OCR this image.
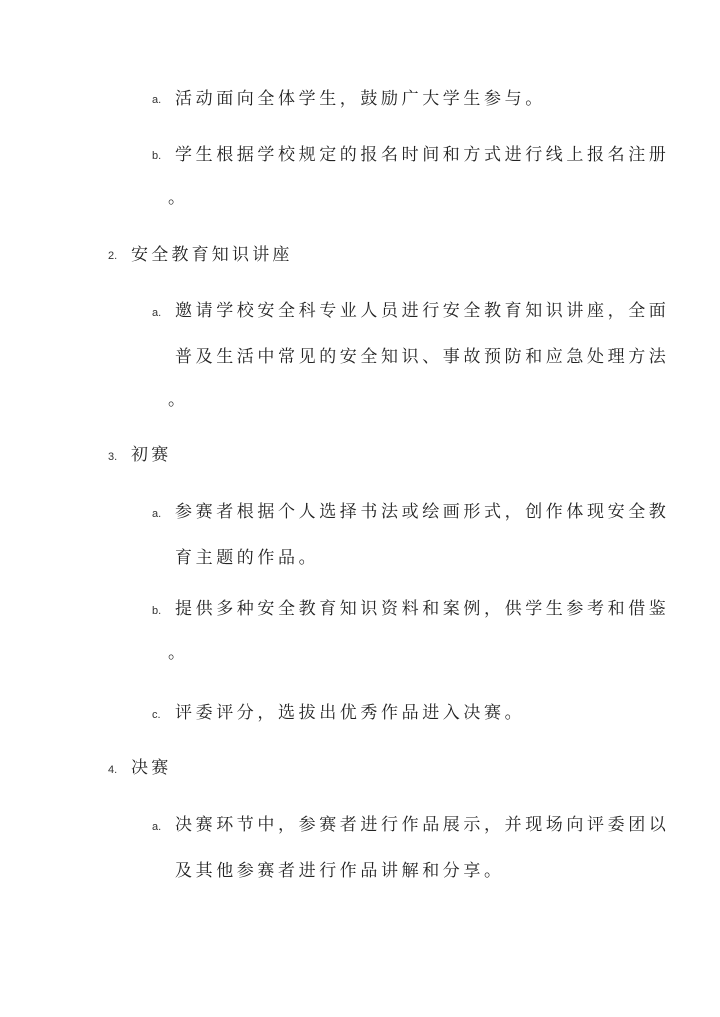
a. 活动面向全体学生，鼓励广大学生参与。
b. 学生根据学校规定的报名时间和方式进行线上报名注册
。
2. 安全教育知识讲座
a. 邀请学校安全科专业人员进行安全教育知识讲座，全面
普及生活中常见的安全知识、事故预防和应急处理方法
。
3. 初赛
a. 参赛者根据个人选择书法或绘画形式，创作体现安全教
育主题的作品。
b. 提供多种安全教育知识资料和案例，供学生参考和借鉴
。
c. 评委评分，选拔出优秀作品进入决赛。
4. 决赛
a. 决赛环节中，参赛者进行作品展示，并现场向评委团以
及其他参赛者进行作品讲解和分享。
